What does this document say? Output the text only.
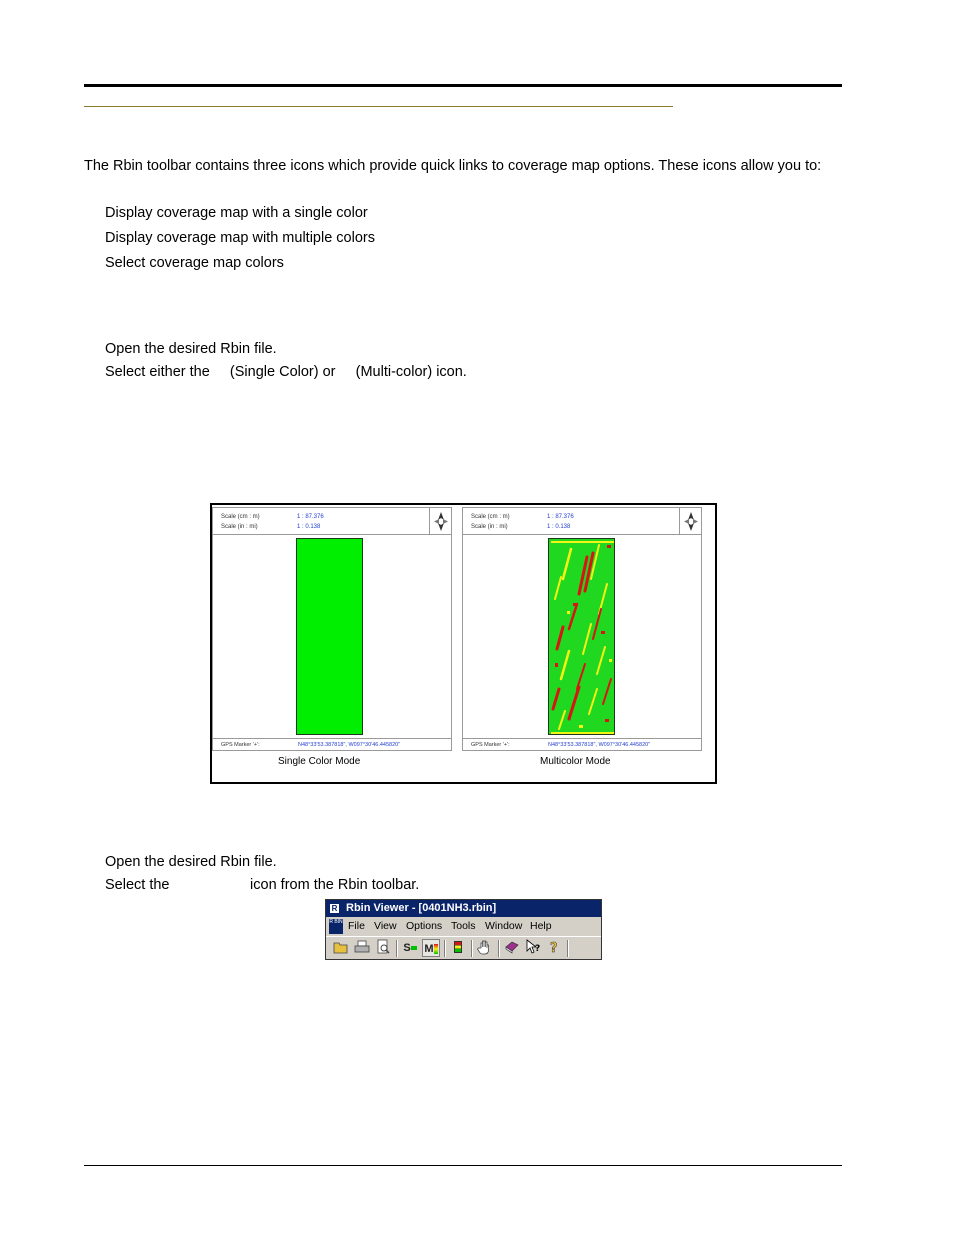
The Rbin toolbar contains three icons which provide quick links to coverage map options. These icons allow you to:

Display coverage map with a single color
Display coverage map with multiple colors
Select coverage map colors
Open the desired Rbin file.
Select either the     (Single Color) or     (Multi-color) icon.
Scale (cm : m)	1 : 87.376
Scale (in : mi)	1 : 0.138
GPS Marker '+':	N48°33'53.387818", W097°30'46.445820"
Single Color Mode
Scale (cm : m)	1 : 87.376
Scale (in : mi)	1 : 0.138
GPS Marker '+':	N48°33'53.387818", W097°30'46.445820"
Multicolor Mode
Open the desired Rbin file.
Select the                    icon from the Rbin toolbar.
R Rbin Viewer - [0401NH3.rbin]
R BIN File View Options Tools Window Help
S	M	? ?
